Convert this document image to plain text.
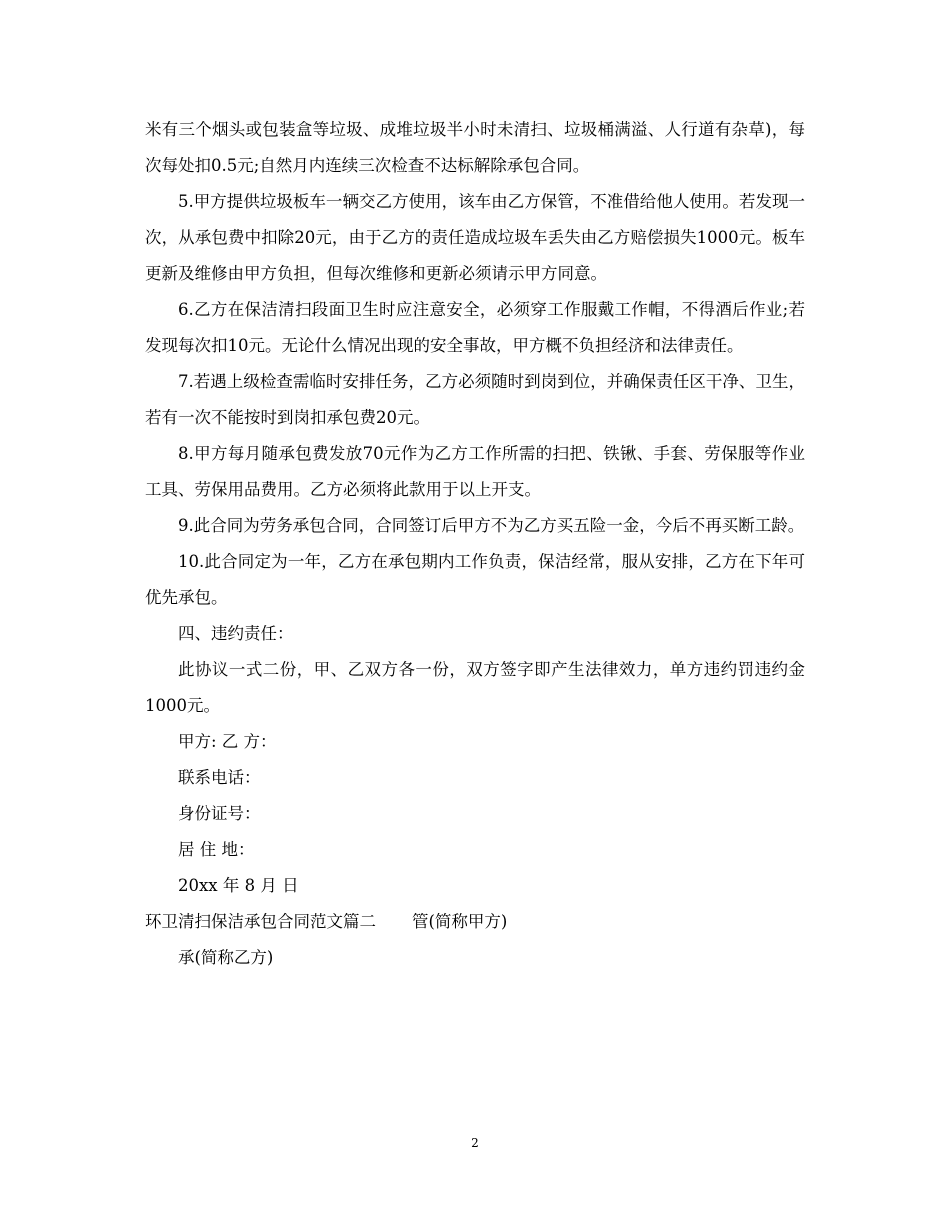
米有三个烟头或包装盒等垃圾、成堆垃圾半小时未清扫、垃圾桶满溢、人行道有杂草)，每次每处扣0.5元;自然月内连续三次检查不达标解除承包合同。

5.甲方提供垃圾板车一辆交乙方使用，该车由乙方保管，不准借给他人使用。若发现一次，从承包费中扣除20元，由于乙方的责任造成垃圾车丢失由乙方赔偿损失1000元。板车更新及维修由甲方负担，但每次维修和更新必须请示甲方同意。

6.乙方在保洁清扫段面卫生时应注意安全，必须穿工作服戴工作帽，不得酒后作业;若发现每次扣10元。无论什么情况出现的安全事故，甲方概不负担经济和法律责任。

7.若遇上级检查需临时安排任务，乙方必须随时到岗到位，并确保责任区干净、卫生，若有一次不能按时到岗扣承包费20元。

8.甲方每月随承包费发放70元作为乙方工作所需的扫把、铁锹、手套、劳保服等作业工具、劳保用品费用。乙方必须将此款用于以上开支。

9.此合同为劳务承包合同，合同签订后甲方不为乙方买五险一金，今后不再买断工龄。

10.此合同定为一年，乙方在承包期内工作负责，保洁经常，服从安排，乙方在下年可优先承包。

四、违约责任：

此协议一式二份，甲、乙双方各一份，双方签字即产生法律效力，单方违约罚违约金1000元。

甲方: 乙 方：

联系电话：

身份证号：

居 住 地：

20xx 年 8 月 日

环卫清扫保洁承包合同范文篇二 管(简称甲方)

承(简称乙方)

2
